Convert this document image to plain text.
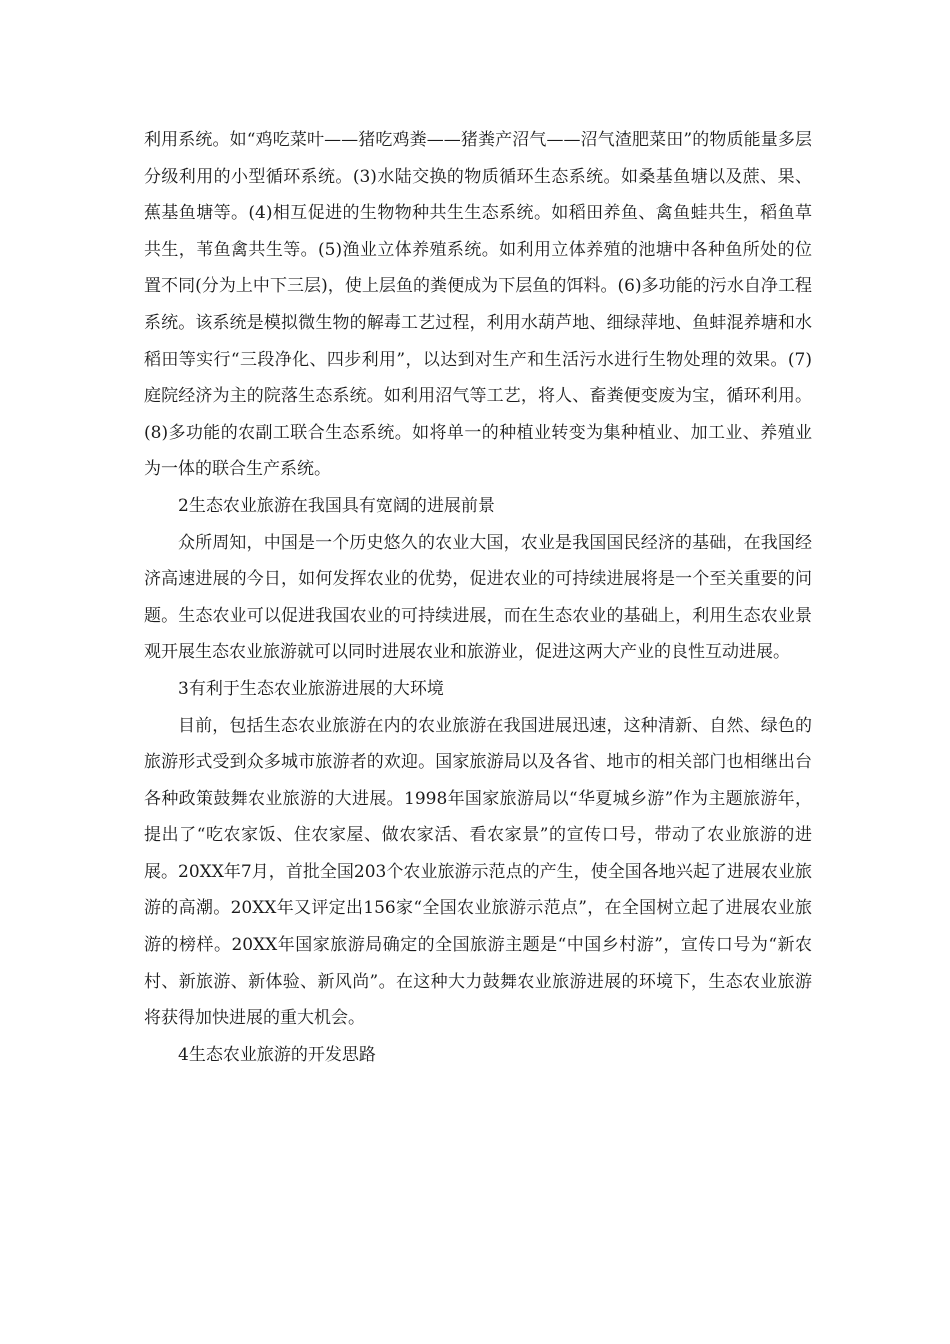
利用系统。如“鸡吃菜叶——猪吃鸡粪——猪粪产沼气——沼气渣肥菜田”的物质能量多层分级利用的小型循环系统。(3)水陆交换的物质循环生态系统。如桑基鱼塘以及蔗、果、蕉基鱼塘等。(4)相互促进的生物物种共生生态系统。如稻田养鱼、禽鱼蛙共生，稻鱼草共生，苇鱼禽共生等。(5)渔业立体养殖系统。如利用立体养殖的池塘中各种鱼所处的位置不同(分为上中下三层)，使上层鱼的粪便成为下层鱼的饵料。(6)多功能的污水自净工程系统。该系统是模拟微生物的解毒工艺过程，利用水葫芦地、细绿萍地、鱼蚌混养塘和水稻田等实行“三段净化、四步利用”，以达到对生产和生活污水进行生物处理的效果。(7)庭院经济为主的院落生态系统。如利用沼气等工艺，将人、畜粪便变废为宝，循环利用。(8)多功能的农副工联合生态系统。如将单一的种植业转变为集种植业、加工业、养殖业为一体的联合生产系统。

2生态农业旅游在我国具有宽阔的进展前景

众所周知，中国是一个历史悠久的农业大国，农业是我国国民经济的基础，在我国经济高速进展的今日，如何发挥农业的优势，促进农业的可持续进展将是一个至关重要的问题。生态农业可以促进我国农业的可持续进展，而在生态农业的基础上，利用生态农业景观开展生态农业旅游就可以同时进展农业和旅游业，促进这两大产业的良性互动进展。

3有利于生态农业旅游进展的大环境

目前，包括生态农业旅游在内的农业旅游在我国进展迅速，这种清新、自然、绿色的旅游形式受到众多城市旅游者的欢迎。国家旅游局以及各省、地市的相关部门也相继出台各种政策鼓舞农业旅游的大进展。1998年国家旅游局以“华夏城乡游”作为主题旅游年，提出了“吃农家饭、住农家屋、做农家活、看农家景”的宣传口号，带动了农业旅游的进展。20XX年7月，首批全国203个农业旅游示范点的产生，使全国各地兴起了进展农业旅游的高潮。20XX年又评定出156家“全国农业旅游示范点”，在全国树立起了进展农业旅游的榜样。20XX年国家旅游局确定的全国旅游主题是“中国乡村游”，宣传口号为“新农村、新旅游、新体验、新风尚”。在这种大力鼓舞农业旅游进展的环境下，生态农业旅游将获得加快进展的重大机会。

4生态农业旅游的开发思路
